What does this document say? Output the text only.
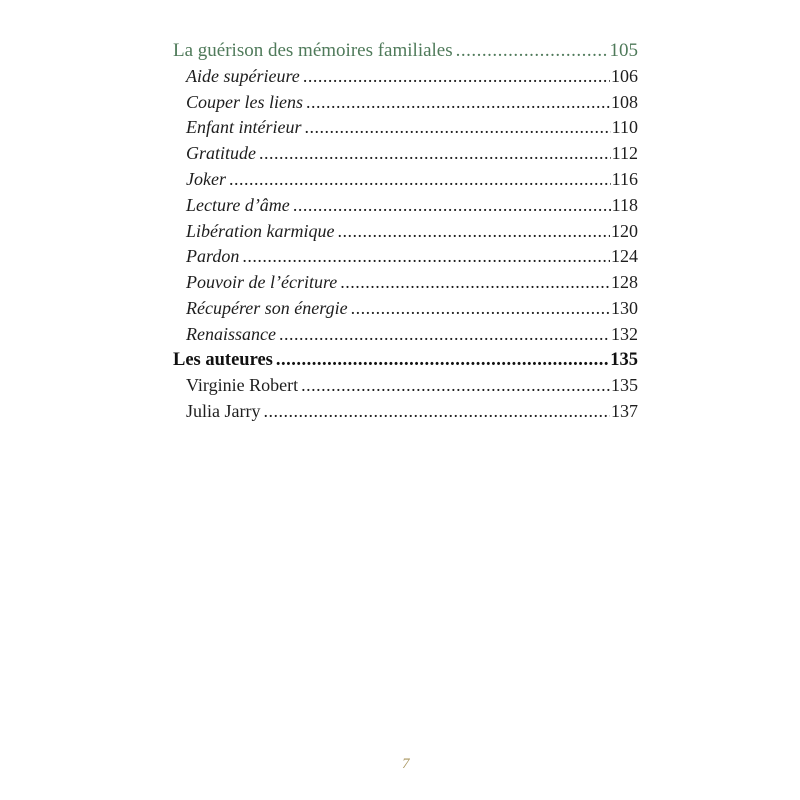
La guérison des mémoires familiales .....	105
Aide supérieure .....	106
Couper les liens .....	108
Enfant intérieur .....	110
Gratitude .....	112
Joker .....	116
Lecture d’âme .....	118
Libération karmique .....	120
Pardon .....	124
Pouvoir de l’écriture .....	128
Récupérer son énergie .....	130
Renaissance .....	132
Les auteures .....	135
Virginie Robert .....	135
Julia Jarry .....	137
7
